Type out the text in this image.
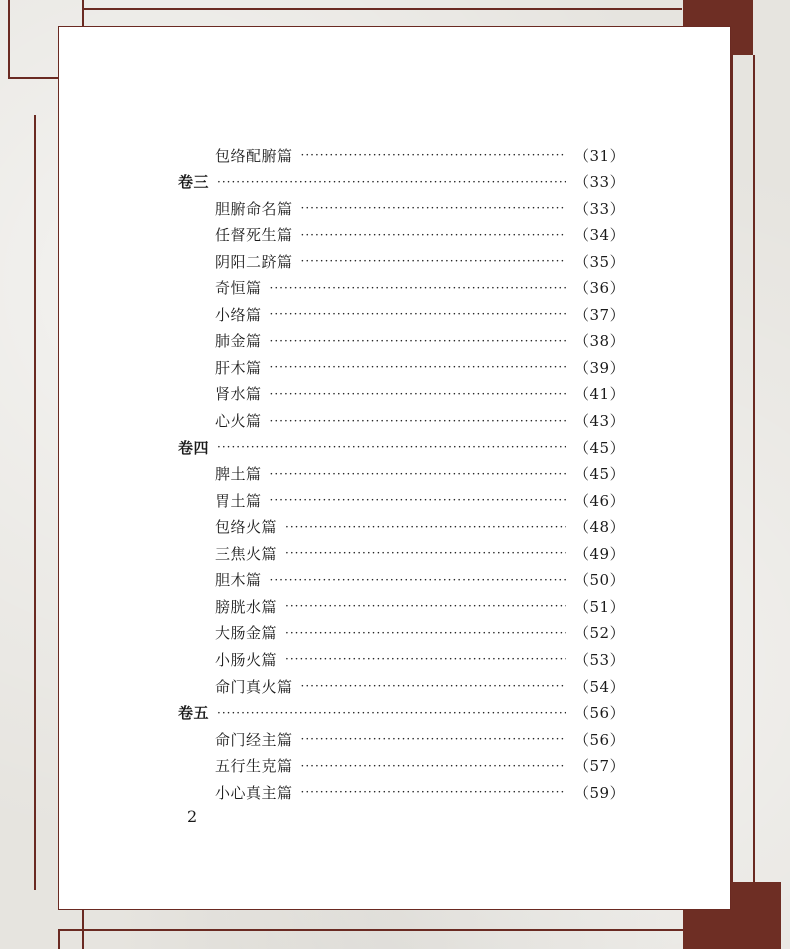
包络配腑篇 ·····	（31）
卷三 ·····	（33）
胆腑命名篇 ·····	（33）
任督死生篇 ·····	（34）
阴阳二跻篇 ·····	（35）
奇恒篇 ·····	（36）
小络篇 ·····	（37）
肺金篇 ·····	（38）
肝木篇 ·····	（39）
肾水篇 ·····	（41）
心火篇 ·····	（43）
卷四 ·····	（45）
脾土篇 ·····	（45）
胃土篇 ·····	（46）
包络火篇 ·····	（48）
三焦火篇 ·····	（49）
胆木篇 ·····	（50）
膀胱水篇 ·····	（51）
大肠金篇 ·····	（52）
小肠火篇 ·····	（53）
命门真火篇 ·····	（54）
卷五 ·····	（56）
命门经主篇 ·····	（56）
五行生克篇 ·····	（57）
小心真主篇 ·····	（59）
2
